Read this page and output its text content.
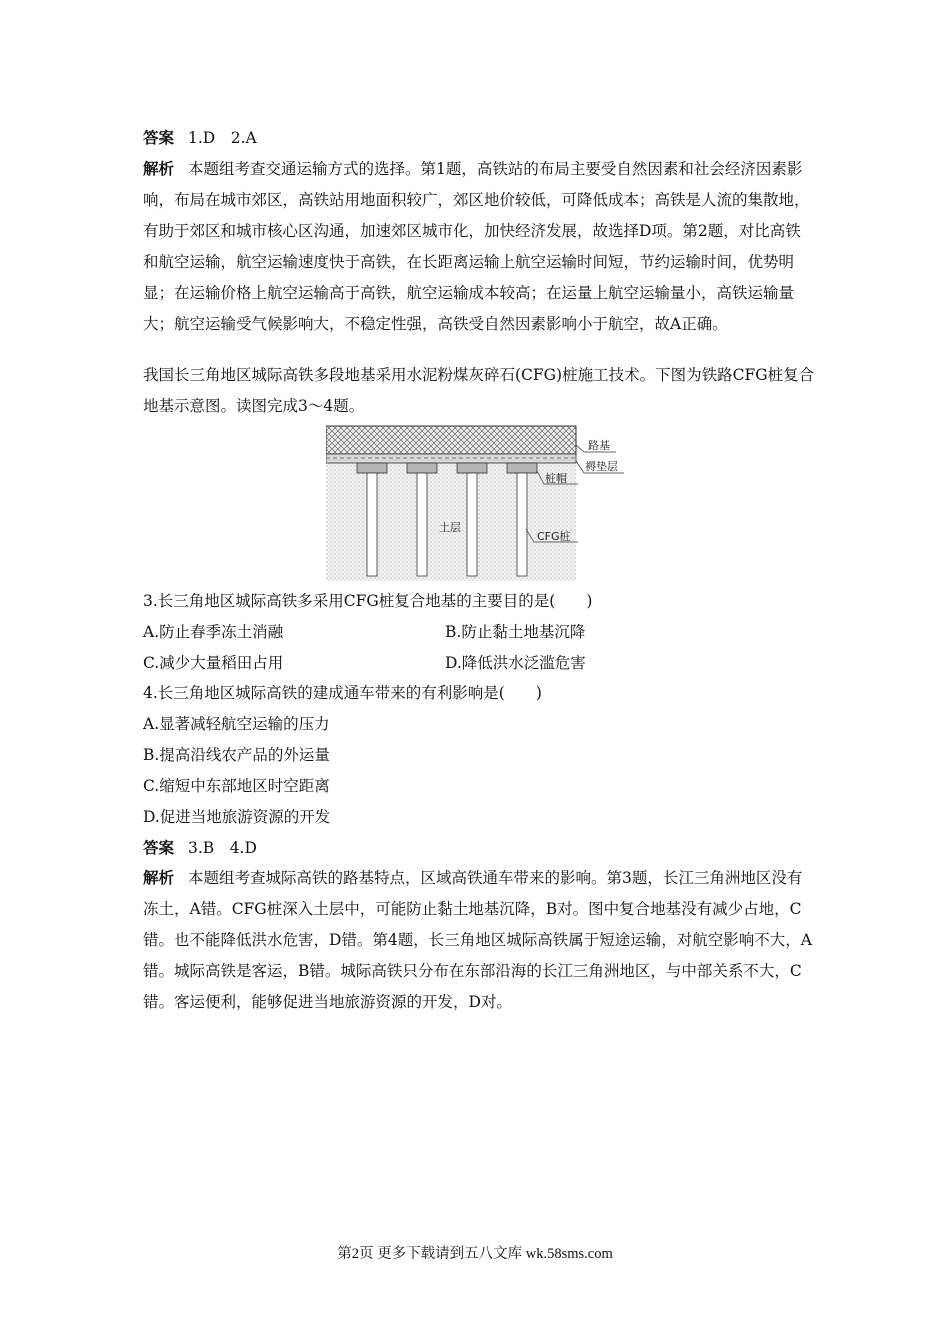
答案 1.D　2.A
解析 本题组考查交通运输方式的选择。第1题，高铁站的布局主要受自然因素和社会经济因素影响，布局在城市郊区，高铁站用地面积较广，郊区地价较低，可降低成本；高铁是人流的集散地，有助于郊区和城市核心区沟通，加速郊区城市化，加快经济发展，故选择D项。第2题，对比高铁和航空运输，航空运输速度快于高铁，在长距离运输上航空运输时间短，节约运输时间，优势明显；在运输价格上航空运输高于高铁，航空运输成本较高；在运量上航空运输量小，高铁运输量大；航空运输受气候影响大，不稳定性强，高铁受自然因素影响小于航空，故A正确。
我国长三角地区城际高铁多段地基采用水泥粉煤灰碎石(CFG)桩施工技术。下图为铁路CFG桩复合地基示意图。读图完成3～4题。
路基
褥垫层
桩帽
土层
CFG桩
3.长三角地区城际高铁多采用CFG桩复合地基的主要目的是(　　)
A.防止春季冻土消融	B.防止黏土地基沉降
C.减少大量稻田占用	D.降低洪水泛滥危害
4.长三角地区城际高铁的建成通车带来的有利影响是(　　)
A.显著减轻航空运输的压力
B.提高沿线农产品的外运量
C.缩短中东部地区时空距离
D.促进当地旅游资源的开发
答案 3.B　4.D
解析 本题组考查城际高铁的路基特点，区域高铁通车带来的影响。第3题，长江三角洲地区没有冻土，A错。CFG桩深入土层中，可能防止黏土地基沉降，B对。图中复合地基没有减少占地，C错。也不能降低洪水危害，D错。第4题，长三角地区城际高铁属于短途运输，对航空影响不大，A错。城际高铁是客运，B错。城际高铁只分布在东部沿海的长江三角洲地区，与中部关系不大，C错。客运便利，能够促进当地旅游资源的开发，D对。
第2页 更多下载请到五八文库 wk.58sms.com
